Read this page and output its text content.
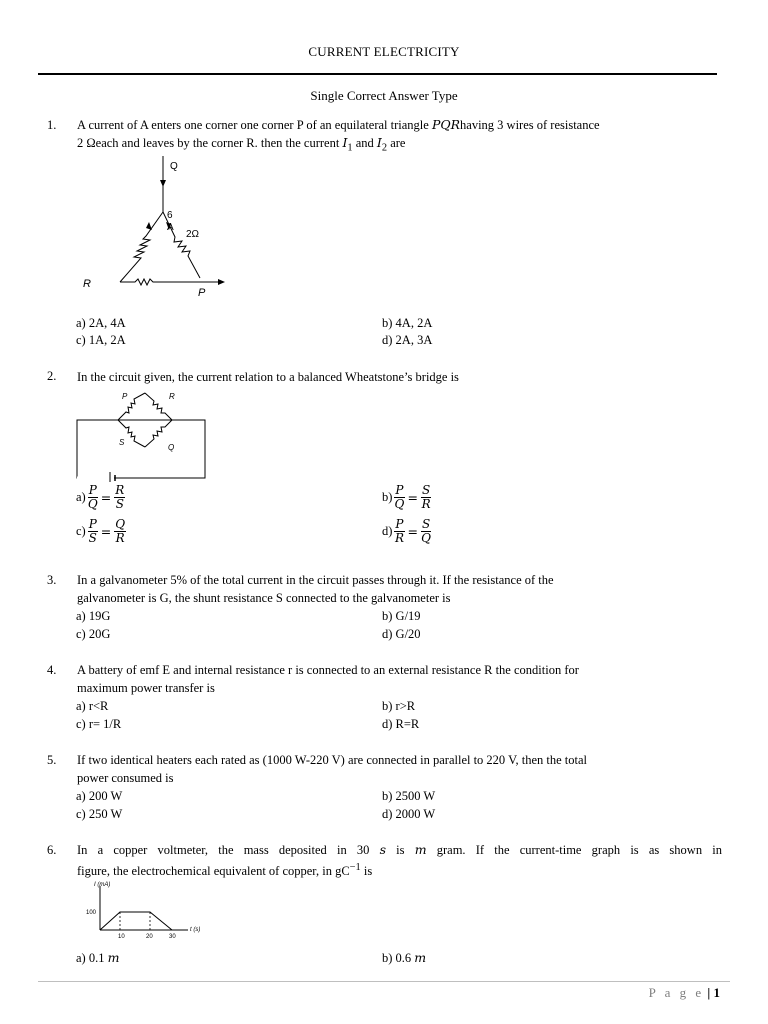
CURRENT ELECTRICITY
Single Correct Answer Type
1. A current of A enters one corner one corner P of an equilateral triangle PQRhaving 3 wires of resistance
2 Ωeach and leaves by the corner R. then the current $I_1$ and $I_2$ are
Q
6
A
2Ω
R
P
a) 2A, 4A	b) 4A, 2A
c) 1A, 2A	d) 2A, 3A
2. In the circuit given, the current relation to a balanced Wheatstone’s bridge is
P	R
S
Q
$a) \frac{P}{Q} = \frac{R}{S}$	$b) \frac{P}{Q} = \frac{S}{R}$
$c) \frac{P}{S} = \frac{Q}{R}$	$d) \frac{P}{R} = \frac{S}{Q}$
3. In a galvanometer 5% of the total current in the circuit passes through it. If the resistance of the
galvanometer is G, the shunt resistance S connected to the galvanometer is
a) 19G	b) G/19
c) 20G	d) G/20
4. A battery of emf E and internal resistance r is connected to an external resistance R the condition for
maximum power transfer is
a) r<R	b) r>R
c) r= 1/R	d) R=R
5. If two identical heaters each rated as (1000 W-220 V) are connected in parallel to 220 V, then the total
power consumed is
a) 200 W	b) 2500 W
c) 250 W	d) 2000 W
6. In a copper voltmeter, the mass deposited in 30 s is m gram. If the current-time graph is as shown in
figure, the electrochemical equivalent of copper, in $gC^{-1}$ is
I (mA)
t (s)
100
10	20	30
a) 0.1 m	b) 0.6 m
P a g e | 1
